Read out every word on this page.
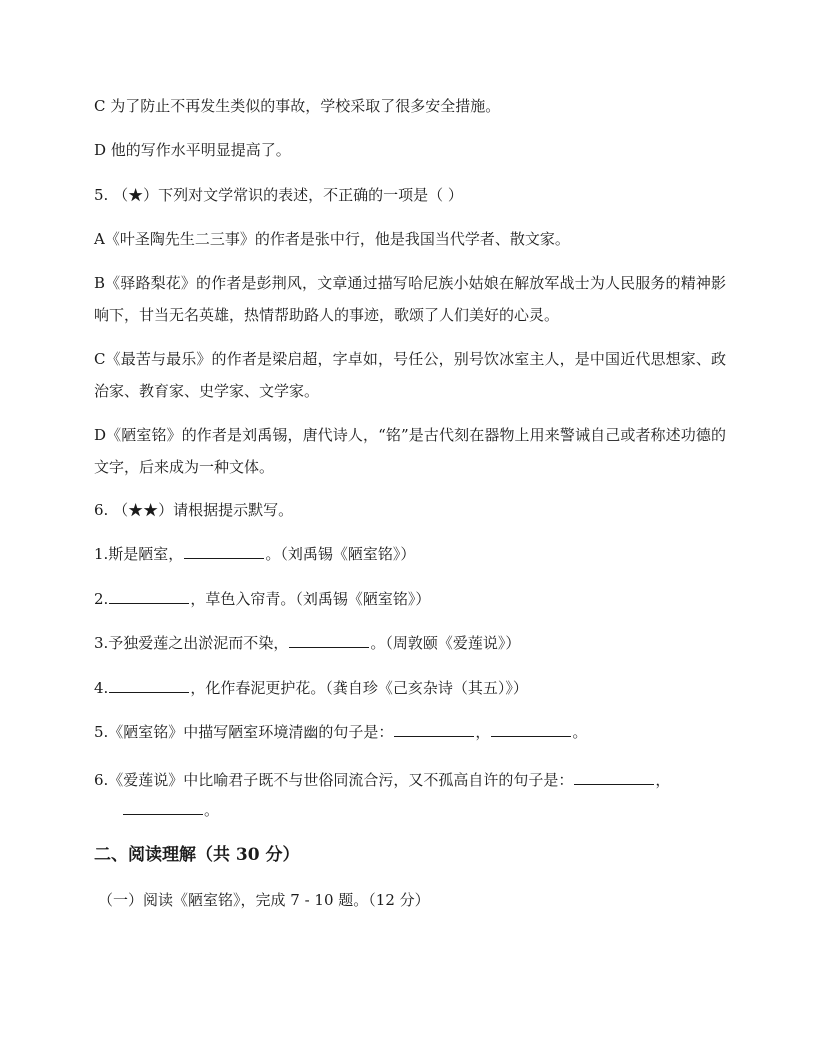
C 为了防止不再发生类似的事故，学校采取了很多安全措施。
D 他的写作水平明显提高了。
5. （★）下列对文学常识的表述，不正确的一项是（ ）
A《叶圣陶先生二三事》的作者是张中行，他是我国当代学者、散文家。
B《驿路梨花》的作者是彭荆风，文章通过描写哈尼族小姑娘在解放军战士为人民服务的精神影响下，甘当无名英雄，热情帮助路人的事迹，歌颂了人们美好的心灵。
C《最苦与最乐》的作者是梁启超，字卓如，号任公，别号饮冰室主人，是中国近代思想家、政治家、教育家、史学家、文学家。
D《陋室铭》的作者是刘禹锡，唐代诗人，“铭”是古代刻在器物上用来警诫自己或者称述功德的文字，后来成为一种文体。
6. （★★）请根据提示默写。
1.斯是陋室，	。（刘禹锡《陋室铭》）
2.	，草色入帘青。（刘禹锡《陋室铭》）
3.予独爱莲之出淤泥而不染，	。（周敦颐《爱莲说》）
4.	，化作春泥更护花。（龚自珍《己亥杂诗（其五）》）
5.《陋室铭》中描写陋室环境清幽的句子是：	，	。
6.《爱莲说》中比喻君子既不与世俗同流合污，又不孤高自许的句子是：	，
。
二、阅读理解（共 30 分）
（一）阅读《陋室铭》，完成 7 - 10 题。（12 分）
